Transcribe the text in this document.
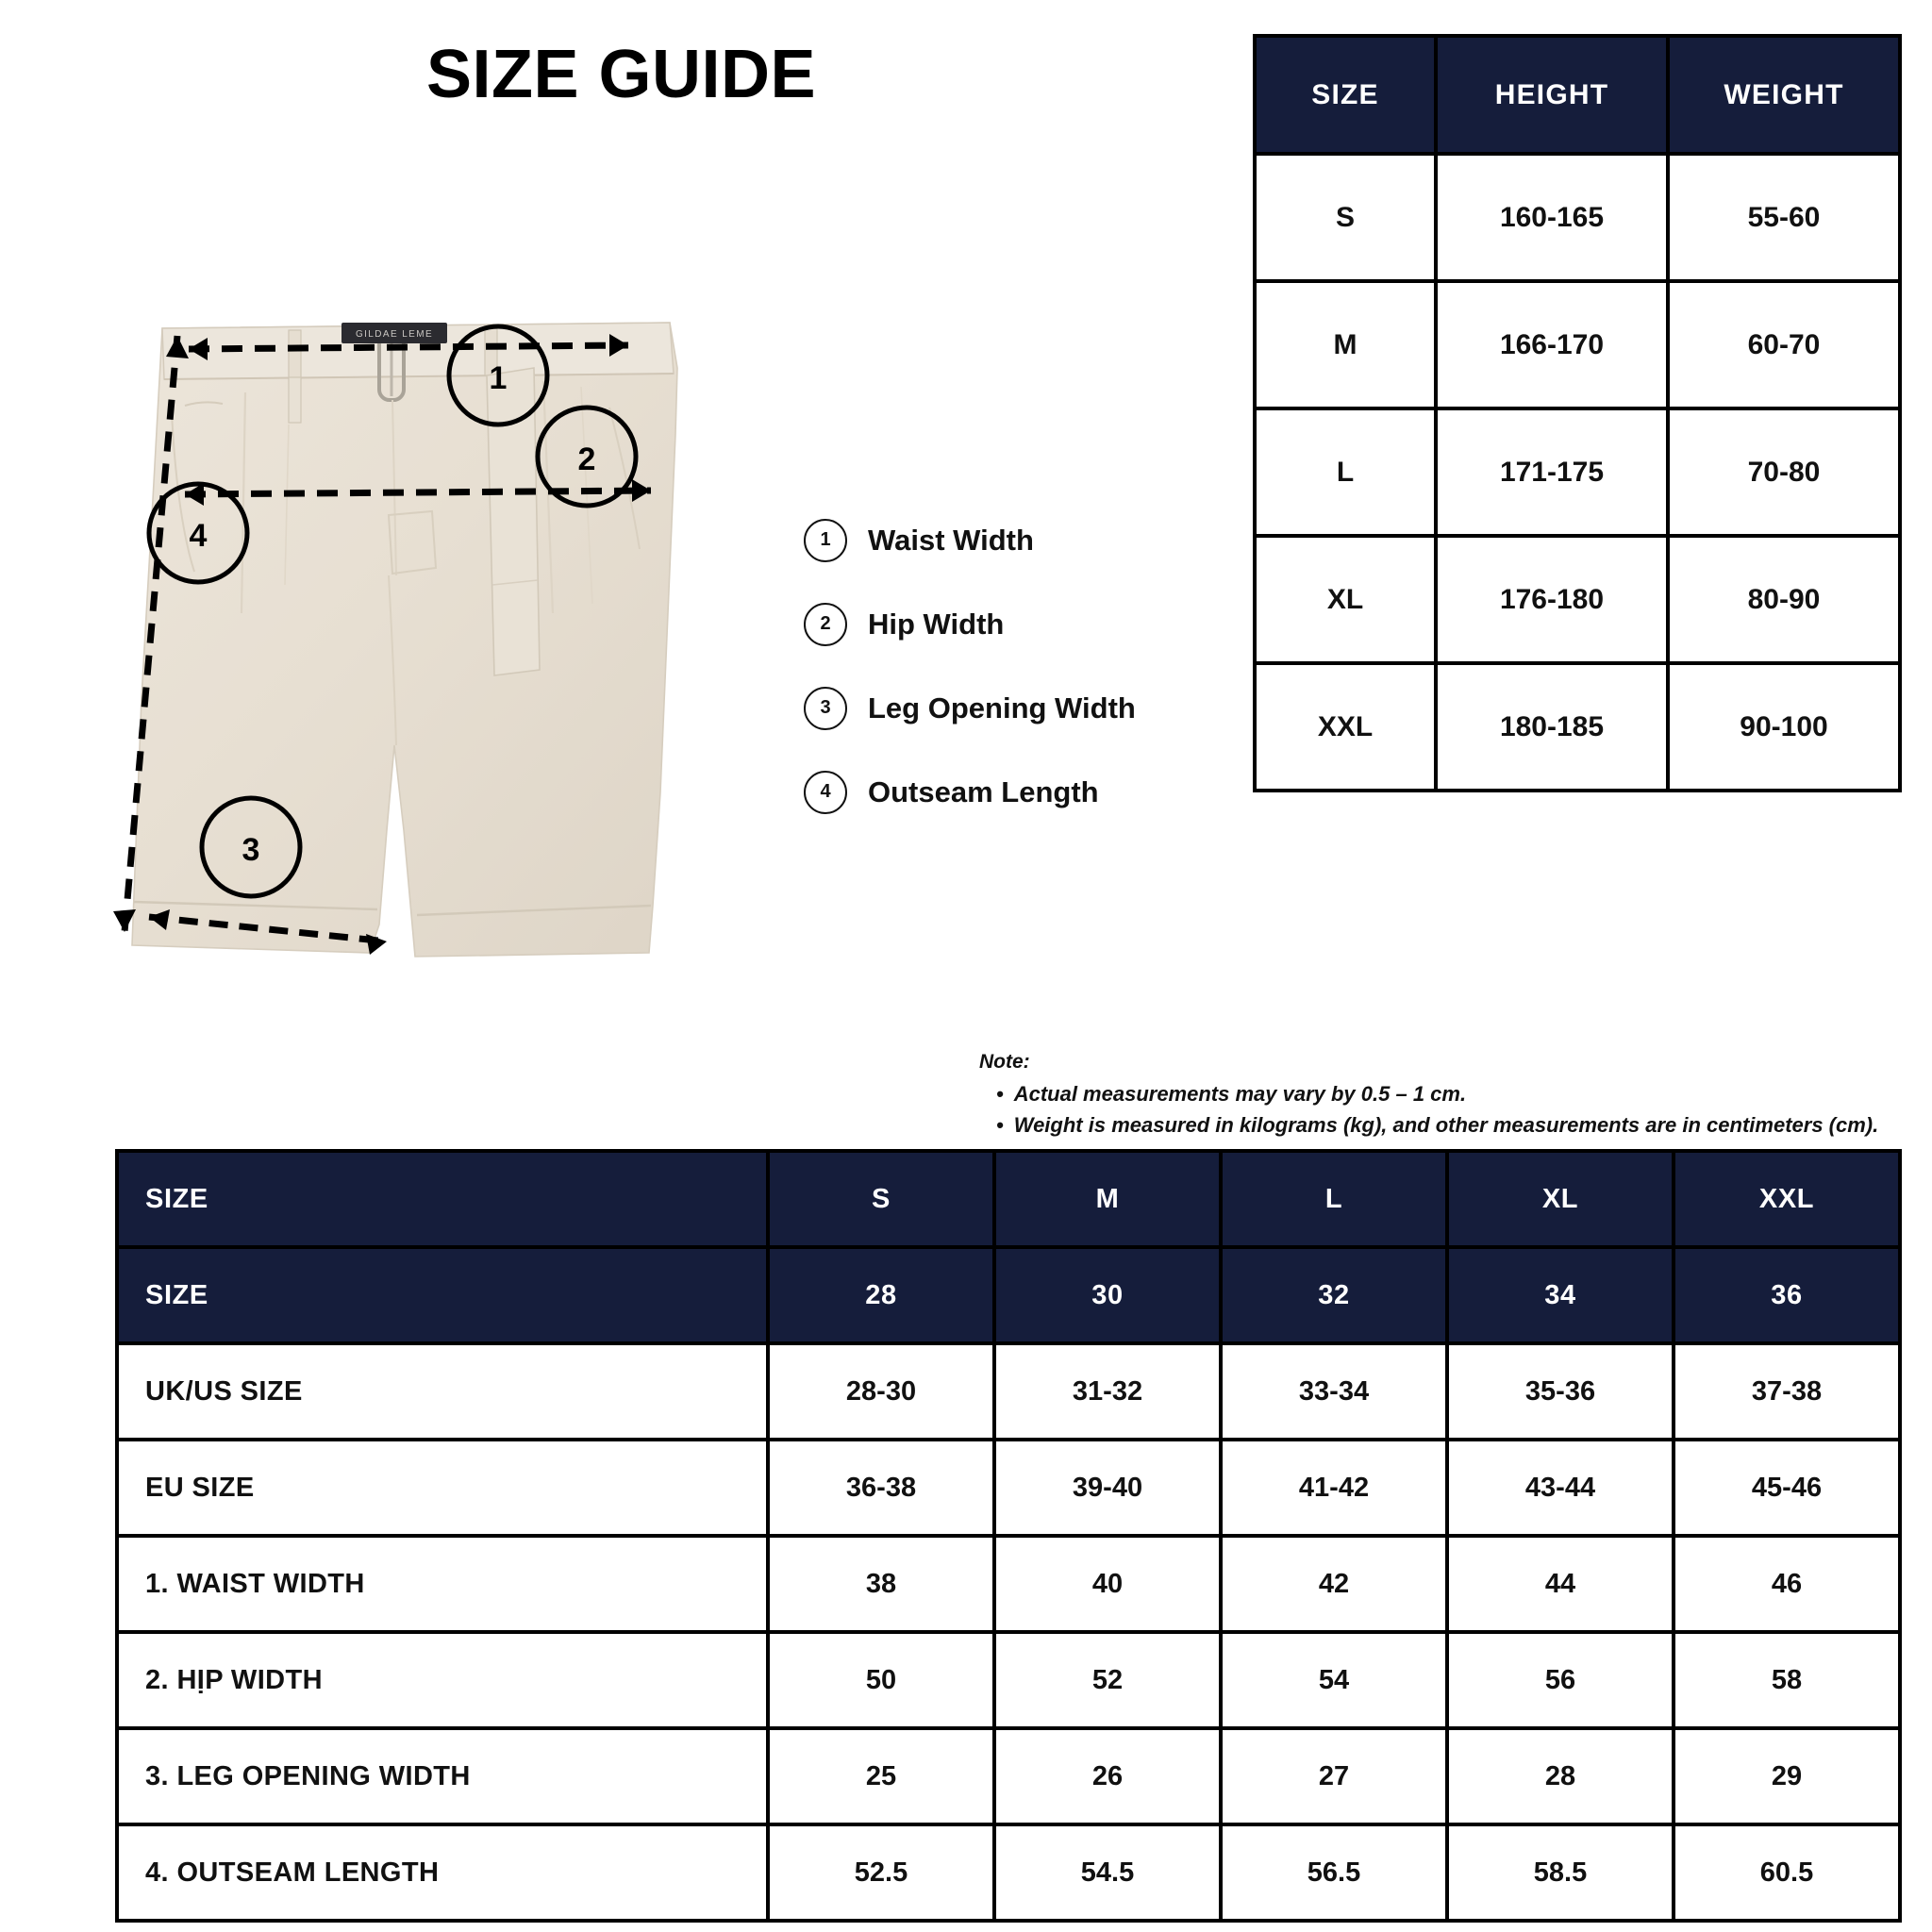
SIZE GUIDE
GILDAE LEME
1
2
3
4	1	Waist Width
2	Hip Width
3	Leg Opening Width
4	Outseam Length
SIZE	HEIGHT	WEIGHT
S	160-165	55-60
M	166-170	60-70
L	171-175	70-80
XL	176-180	80-90
XXL	180-185	90-100
Note:
• Actual measurements may vary by 0.5 – 1 cm.
• Weight is measured in kilograms (kg), and other measurements are in centimeters (cm).
SIZE	S	M	L	XL	XXL
SIZE	28	30	32	34	36
UK/US SIZE	28-30	31-32	33-34	35-36	37-38
EU SIZE	36-38	39-40	41-42	43-44	45-46
1. WAIST WIDTH	38	40	42	44	46
2. HỊP WIDTH	50	52	54	56	58
3. LEG OPENING WIDTH	25	26	27	28	29
4. OUTSEAM LENGTH	52.5	54.5	56.5	58.5	60.5
